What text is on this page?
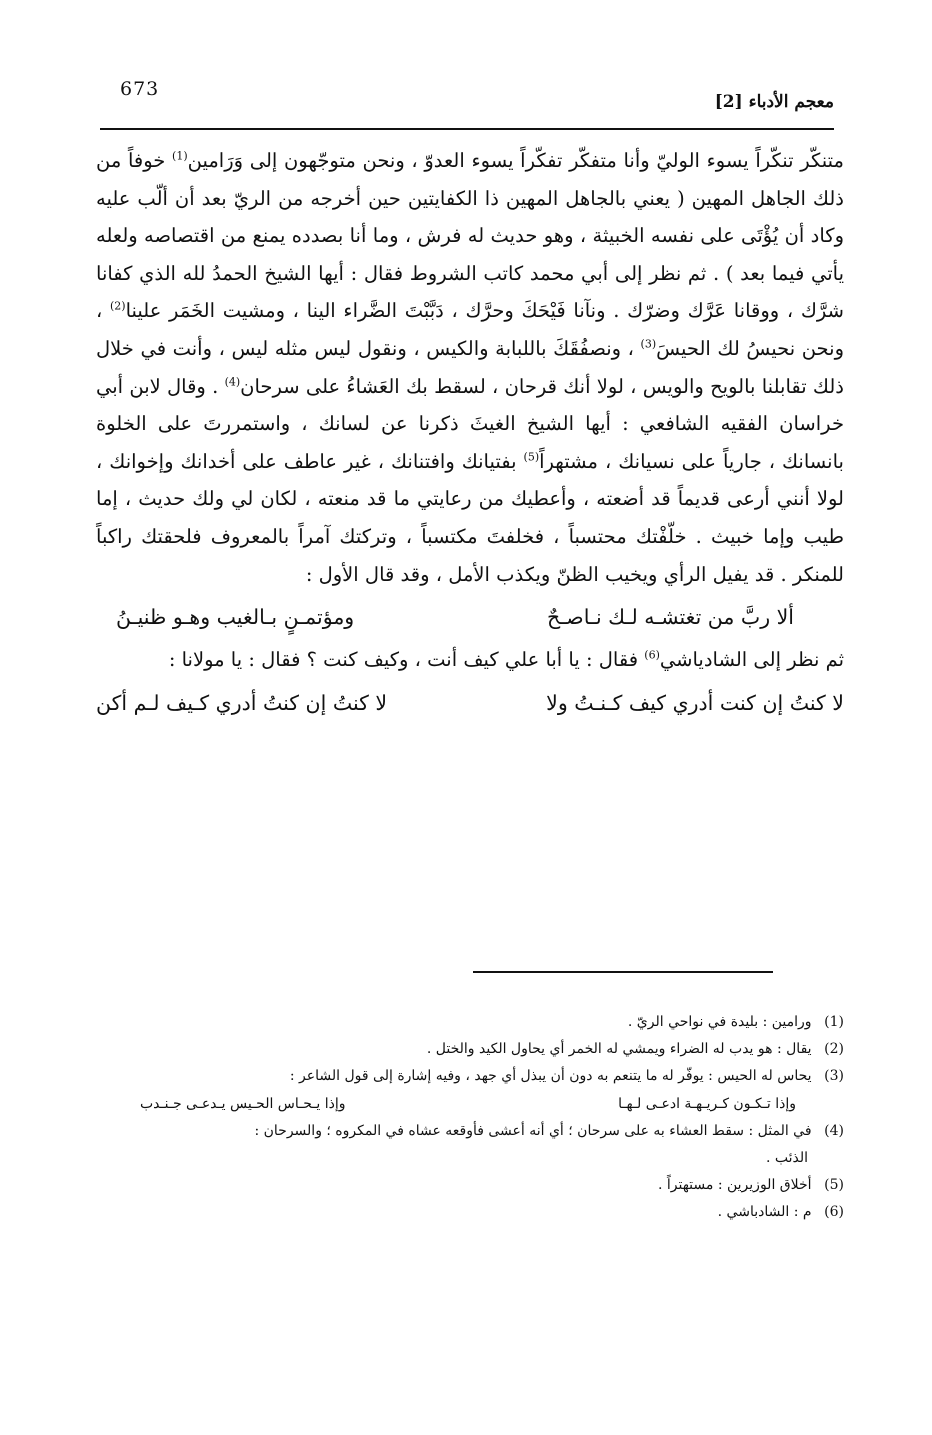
673
معجم الأدباء [2]

متنكّر تنكّراً يسوء الوليّ وأنا متفكّر تفكّراً يسوء العدوّ ، ونحن متوجّهون إلى وَرَامين$^{(1)}$ خوفاً من ذلك الجاهل المهين ( يعني بالجاهل المهين ذا الكفايتين حين أخرجه من الريّ بعد أن ألّب عليه وكاد أن يُؤْتَى على نفسه الخبيثة ، وهو حديث له فرش ، وما أنا بصدده يمنع من اقتصاصه ولعله يأتي فيما بعد ) . ثم نظر إلى أبي محمد كاتب الشروط فقال : أيها الشيخ الحمدُ لله الذي كفانا شرَّك ، ووقانا عَرَّك وضرّك . ونآنا فَيْحَكَ وحرَّك ، دَبَّبْتَ الضَّراء الينا ، ومشيت الخَمَر علينا$^{(2)}$ ، ونحن نحيسُ لك الحيسَ$^{(3)}$ ، ونصفُقَكَ باللبابة والكيس ، ونقول ليس مثله ليس ، وأنت في خلال ذلك تقابلنا بالويح والويس ، لولا أنك قرحان ، لسقط بك العَشاءُ على سرحان$^{(4)}$ . وقال لابن أبي خراسان الفقيه الشافعي : أيها الشيخ الغيثَ ذكرنا عن لسانك ، واستمررتَ على الخلوة بانسانك ، جارياً على نسيانك ، مشتهراً$^{(5)}$ بفتيانك وافتنانك ، غير عاطف على أخدانك وإخوانك ، لولا أنني أرعى قديماً قد أضعته ، وأعطيك من رعايتي ما قد منعته ، لكان لي ولك حديث ، إما طيب وإما خبيث . خلّفْتك محتسباً ، فخلفتَ مكتسباً ، وتركتك آمراً بالمعروف فلحقتك راكباً للمنكر . قد يفيل الرأي ويخيب الظنّ ويكذب الأمل ، وقد قال الأول :

ألا ربَّ من تغتشـه لـك نـاصـحٌ
ومؤتمـنٍ بـالغيب وهـو ظنيـنُ

ثم نظر إلى الشادياشي$^{(6)}$ فقال : يا أبا علي كيف أنت ، وكيف كنت ؟ فقال : يا مولانا :

لا كنتُ إن كنت أدري كيف كـنـتُ ولا
لا كنتُ إن كنتُ أدري كـيف لـم أكن

(1) ورامين : بليدة في نواحي الريّ .

(2) يقال : هو يدب له الضراء ويمشي له الخمر أي يحاول الكيد والختل .

(3) يحاس له الحيس : يوفّر له ما يتنعم به دون أن يبذل أي جهد ، وفيه إشارة إلى قول الشاعر :

وإذا تـكـون كـريـهـة ادعـى لـهـا
وإذا يـحـاس الحـيس يـدعـى جـنـدب

(4) في المثل : سقط العشاء به على سرحان ؛ أي أنه أعشى فأوقعه عشاه في المكروه ؛ والسرحان :

الذئب .

(5) أخلاق الوزيرين : مستهتراً .

(6) م : الشادباشي .
